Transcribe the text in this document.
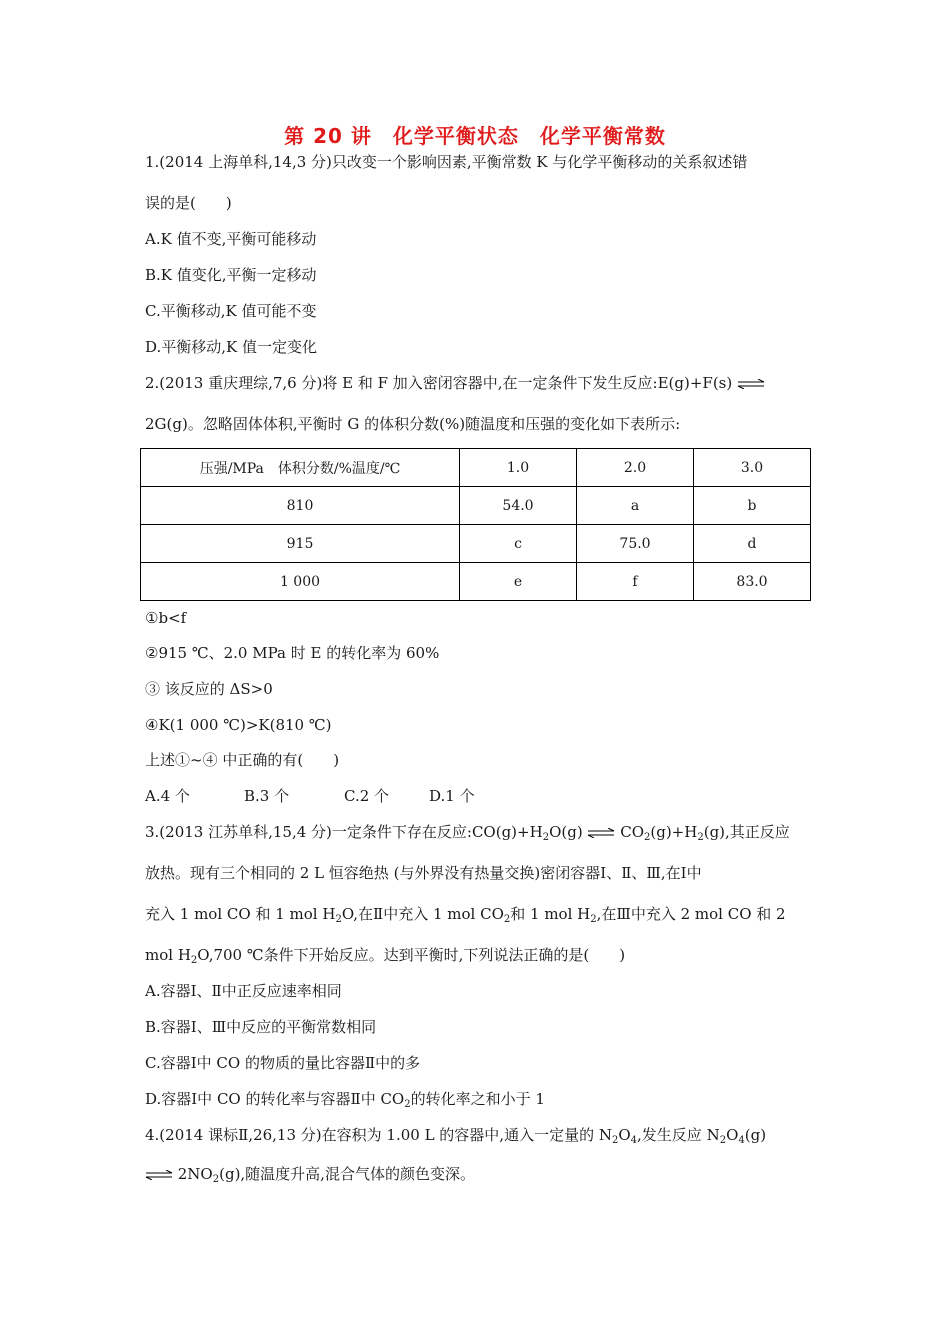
第 20 讲　化学平衡状态　化学平衡常数
1.(2014 上海单科,14,3 分)只改变一个影响因素,平衡常数 K 与化学平衡移动的关系叙述错
误的是(　　)
A.K 值不变,平衡可能移动
B.K 值变化,平衡一定移动
C.平衡移动,K 值可能不变
D.平衡移动,K 值一定变化
2.(2013 重庆理综,7,6 分)将 E 和 F 加入密闭容器中,在一定条件下发生反应:E(g)+F(s) ⇌
2G(g)。忽略固体体积,平衡时 G 的体积分数(%)随温度和压强的变化如下表所示:
压强/MPa　体积分数/%温度/℃	1.0	2.0	3.0
810	54.0	a	b
915	c	75.0	d
1 000	e	f	83.0
①b<f
②915 ℃、2.0 MPa 时 E 的转化率为 60%
③ 该反应的 ΔS>0
④K(1 000 ℃)>K(810 ℃)
上述①~④ 中正确的有(　　)
A.4 个	B.3 个	C.2 个	D.1 个
3.(2013 江苏单科,15,4 分)一定条件下存在反应$:CO(g)+H_2O(g)$ ⇌ $CO_2(g)+H_2(g)$,其正反应
放热。现有三个相同的 2 L 恒容绝热 (与外界没有热量交换)密闭容器Ⅰ、Ⅱ、Ⅲ,在Ⅰ中
充入 1 mol CO 和 1 mol $H_2O$,在Ⅱ中充入 1 mol $CO_2$和 1 mol $H_2$,在Ⅲ中充入 2 mol CO 和 2
mol $H_2O,700$ ℃条件下开始反应。达到平衡时,下列说法正确的是(　　)
A.容器Ⅰ、Ⅱ中正反应速率相同
B.容器Ⅰ、Ⅲ中反应的平衡常数相同
C.容器Ⅰ中 CO 的物质的量比容器Ⅱ中的多
D.容器Ⅰ中 CO 的转化率与容器Ⅱ中 $CO_2$的转化率之和小于 1
4.(2014 课标Ⅱ,26,13 分)在容积为 1.00 L 的容器中,通入一定量的 $N_2O_4$,发生反应 $N_2O_4(g)$
⇌ $2NO_2(g)$,随温度升高,混合气体的颜色变深。
